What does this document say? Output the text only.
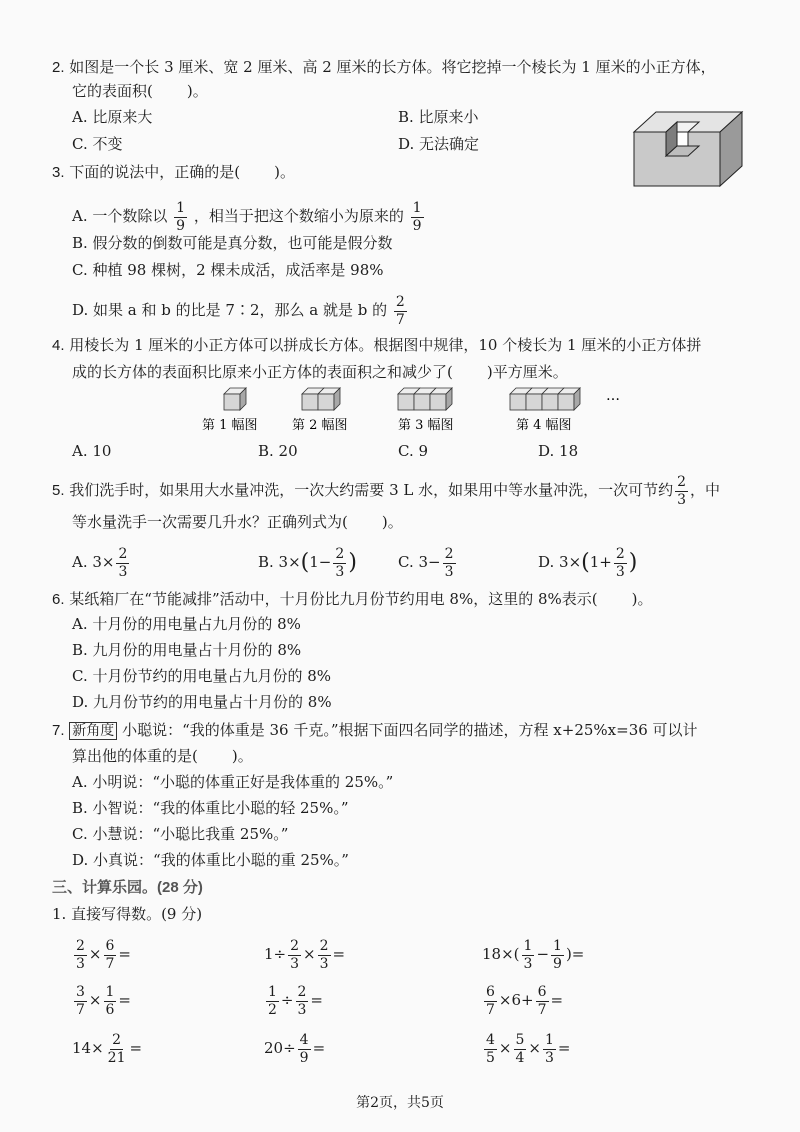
2. 如图是一个长 3 厘米、宽 2 厘米、高 2 厘米的长方体。将它挖掉一个棱长为 1 厘米的小正方体，
它的表面积( )。
A. 比原来大	B. 比原来小
C. 不变	D. 无法确定
3. 下面的说法中，正确的是( )。
A. 一个数除以 $\frac{1}{9}$ ，相当于把这个数缩小为原来的 $\frac{1}{9}$
B. 假分数的倒数可能是真分数，也可能是假分数
C. 种植 98 棵树，2 棵未成活，成活率是 98%
D. 如果 a 和 b 的比是 7∶2，那么 a 就是 b 的 $\frac{2}{7}$
4. 用棱长为 1 厘米的小正方体可以拼成长方体。根据图中规律，10 个棱长为 1 厘米的小正方体拼
成的长方体的表面积比原来小正方体的表面积之和减少了( )平方厘米。
…
第 1 幅图	第 2 幅图	第 3 幅图	第 4 幅图
A. 10	B. 20	C. 9	D. 18
5. 我们洗手时，如果用大水量冲洗，一次大约需要 3 L 水，如果用中等水量冲洗，一次可节约 $\frac{2}{3}$ ，中
等水量洗手一次需要几升水？正确列式为( )。
A. $3\times \frac{2}{3}$	B. $3\times(1- \frac{2}{3}$ )	C. $3- \frac{2}{3}$	D. $3\times(1+ \frac{2}{3}$ )
6. 某纸箱厂在“节能减排”活动中，十月份比九月份节约用电 8%，这里的 8%表示( )。
A. 十月份的用电量占九月份的 8%
B. 九月份的用电量占十月份的 8%
C. 十月份节约的用电量占九月份的 8%
D. 九月份节约的用电量占十月份的 8%
7. 新角度 小聪说：“我的体重是 36 千克。”根据下面四名同学的描述，方程 x+25%x=36 可以计
算出他的体重的是( )。
A. 小明说：“小聪的体重正好是我体重的 25%。”
B. 小智说：“我的体重比小聪的轻 25%。”
C. 小慧说：“小聪比我重 25%。”
D. 小真说：“我的体重比小聪的重 25%。”
三、计算乐园。(28 分)
1. 直接写得数。(9 分)
$\frac{2}{3} \times \frac{6}{7}$ =	$1\div \frac{2}{3} \times \frac{2}{3}$ =	$18\times( \frac{1}{3} - \frac{1}{9}$ )=
$\frac{3}{7} \times \frac{1}{6}$ =	$\frac{1}{2} \div \frac{2}{3}$ =	$\frac{6}{7} \times 6+ \frac{6}{7}$ =
$14\times \frac{2}{21}$ =	$20\div \frac{4}{9}$ =	$\frac{4}{5} \times \frac{5}{4} \times \frac{1}{3}$ =
第2页，共5页
